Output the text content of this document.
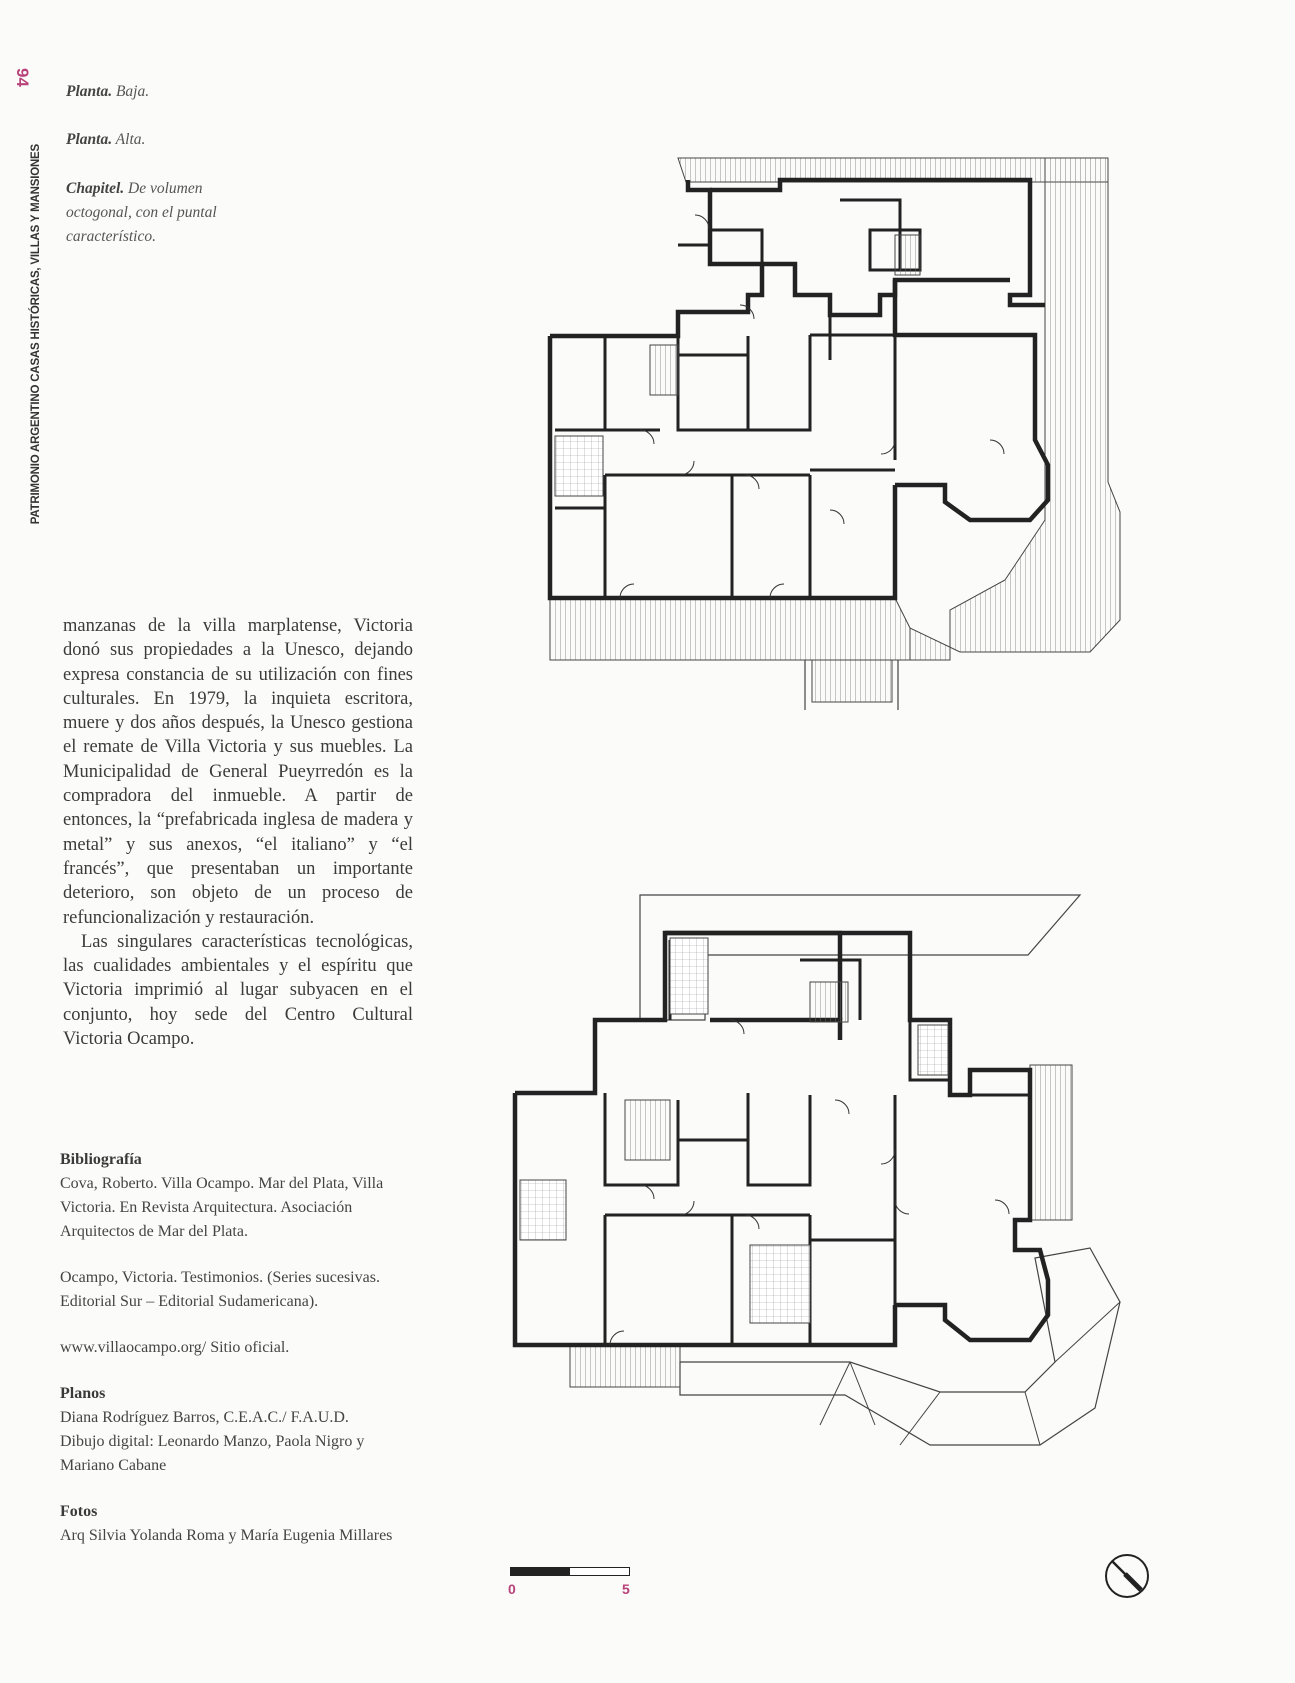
94
PATRIMONIO ARGENTINO CASAS HISTÓRICAS, VILLAS Y MANSIONES
Planta. Baja.
Planta. Alta.
Chapitel. De volumen octogonal, con el puntal característico.

manzanas de la villa marplatense, Victoria donó sus propiedades a la Unesco, dejando expresa constancia de su utilización con fines culturales. En 1979, la inquieta escritora, muere y dos años después, la Unesco gestiona el remate de Villa Victoria y sus muebles. La Municipalidad de General Pueyrredón es la compradora del inmueble. A partir de entonces, la “prefabricada inglesa de madera y metal” y sus anexos, “el italiano” y “el francés”, que presentaban un importante deterioro, son objeto de un proceso de refuncionalización y restauración.

Las singulares características tecnológicas, las cualidades ambientales y el espíritu que Victoria imprimió al lugar subyacen en el conjunto, hoy sede del Centro Cultural Victoria Ocampo.

Bibliografía

Cova, Roberto. Villa Ocampo. Mar del Plata, Villa Victoria. En Revista Arquitectura. Asociación Arquitectos de Mar del Plata.

Ocampo, Victoria. Testimonios. (Series sucesivas. Editorial Sur – Editorial Sudamericana).

www.villaocampo.org/ Sitio oficial.

Planos

Diana Rodríguez Barros, C.E.A.C./ F.A.U.D.

Dibujo digital: Leonardo Manzo, Paola Nigro y Mariano Cabane

Fotos

Arq Silvia Yolanda Roma y María Eugenia Millares

0	5
